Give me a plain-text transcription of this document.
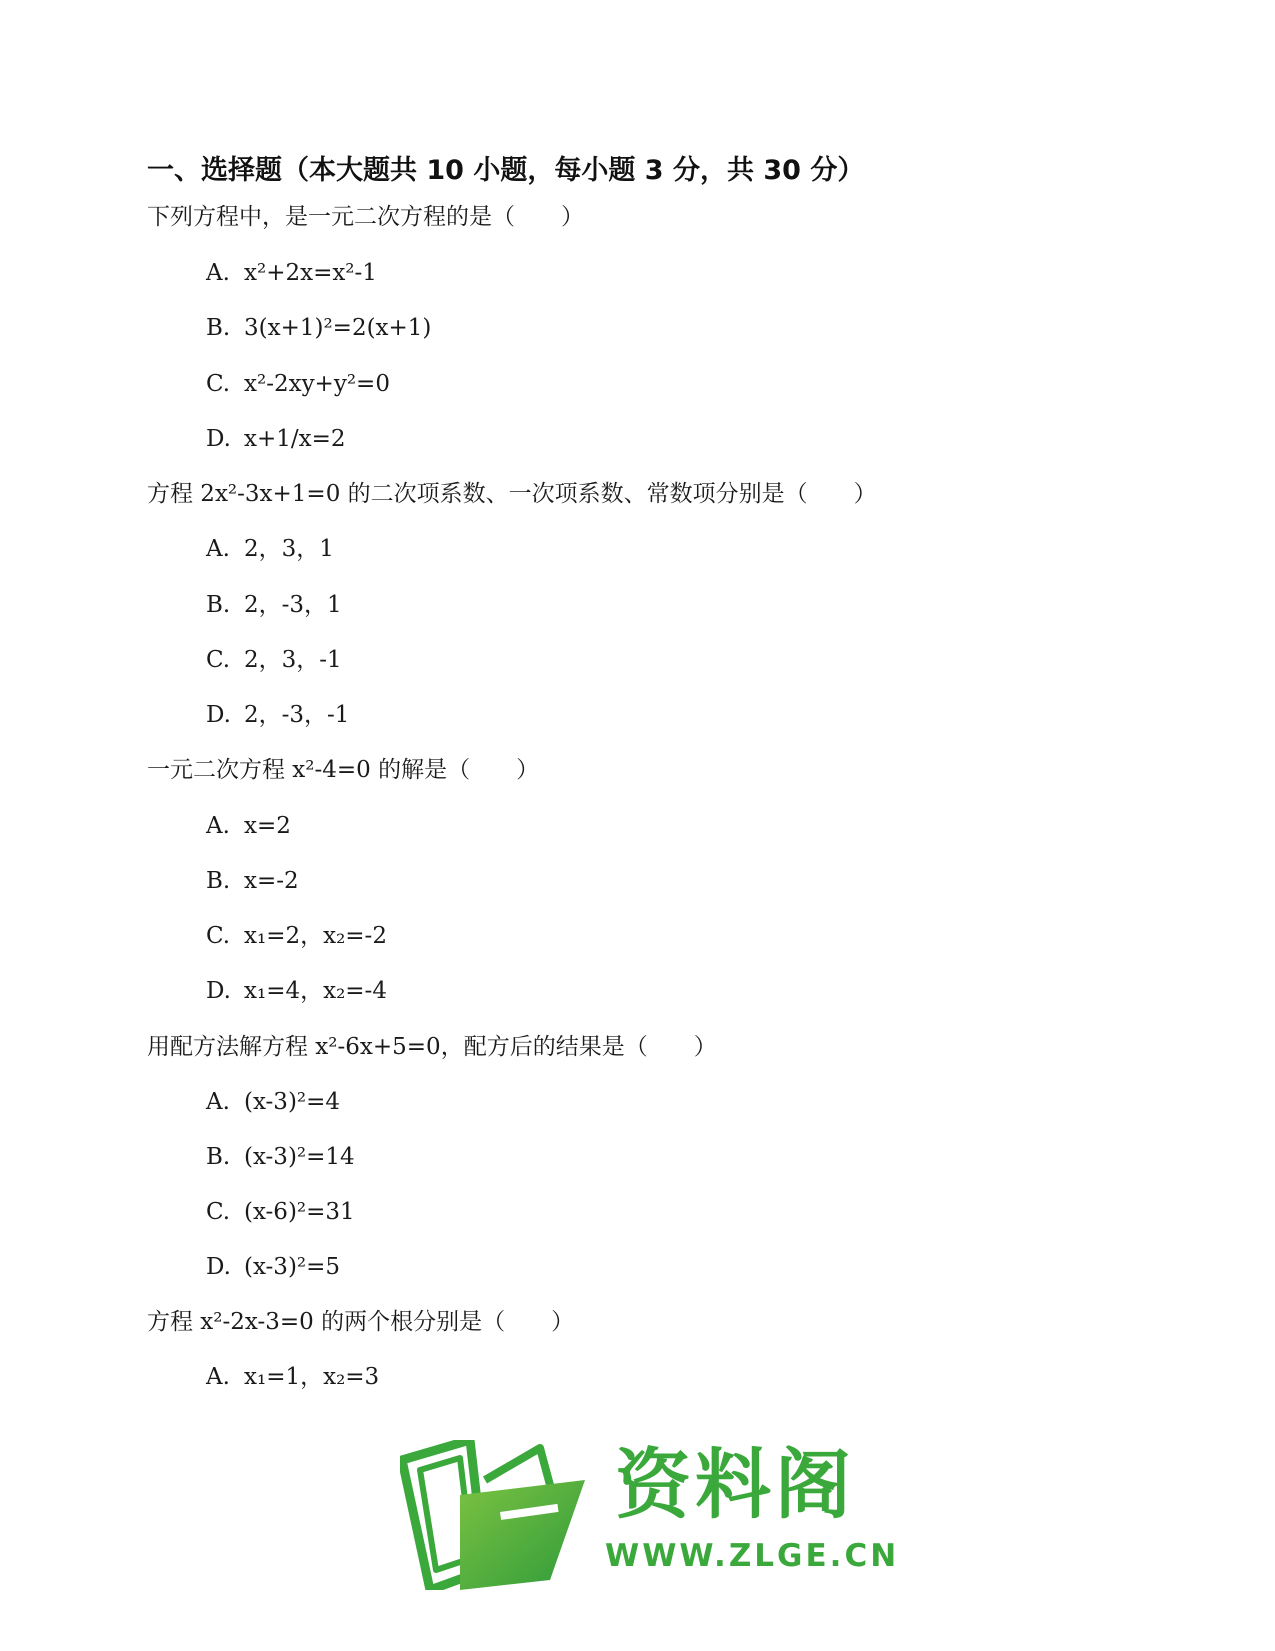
一、选择题（本大题共 10 小题，每小题 3 分，共 30 分）

下列方程中，是一元二次方程的是（　　）

A. x²+2x=x²-1

B. 3(x+1)²=2(x+1)

C. x²-2xy+y²=0

D. x+1/x=2

方程 2x²-3x+1=0 的二次项系数、一次项系数、常数项分别是（　　）

A. 2，3，1

B. 2，-3，1

C. 2，3，-1

D. 2，-3，-1

一元二次方程 x²-4=0 的解是（　　）

A. x=2

B. x=-2

C. x₁=2，x₂=-2

D. x₁=4，x₂=-4

用配方法解方程 x²-6x+5=0，配方后的结果是（　　）

A. (x-3)²=4

B. (x-3)²=14

C. (x-6)²=31

D. (x-3)²=5

方程 x²-2x-3=0 的两个根分别是（　　）

A. x₁=1，x₂=3

资料阁
WWW.ZLGE.CN
